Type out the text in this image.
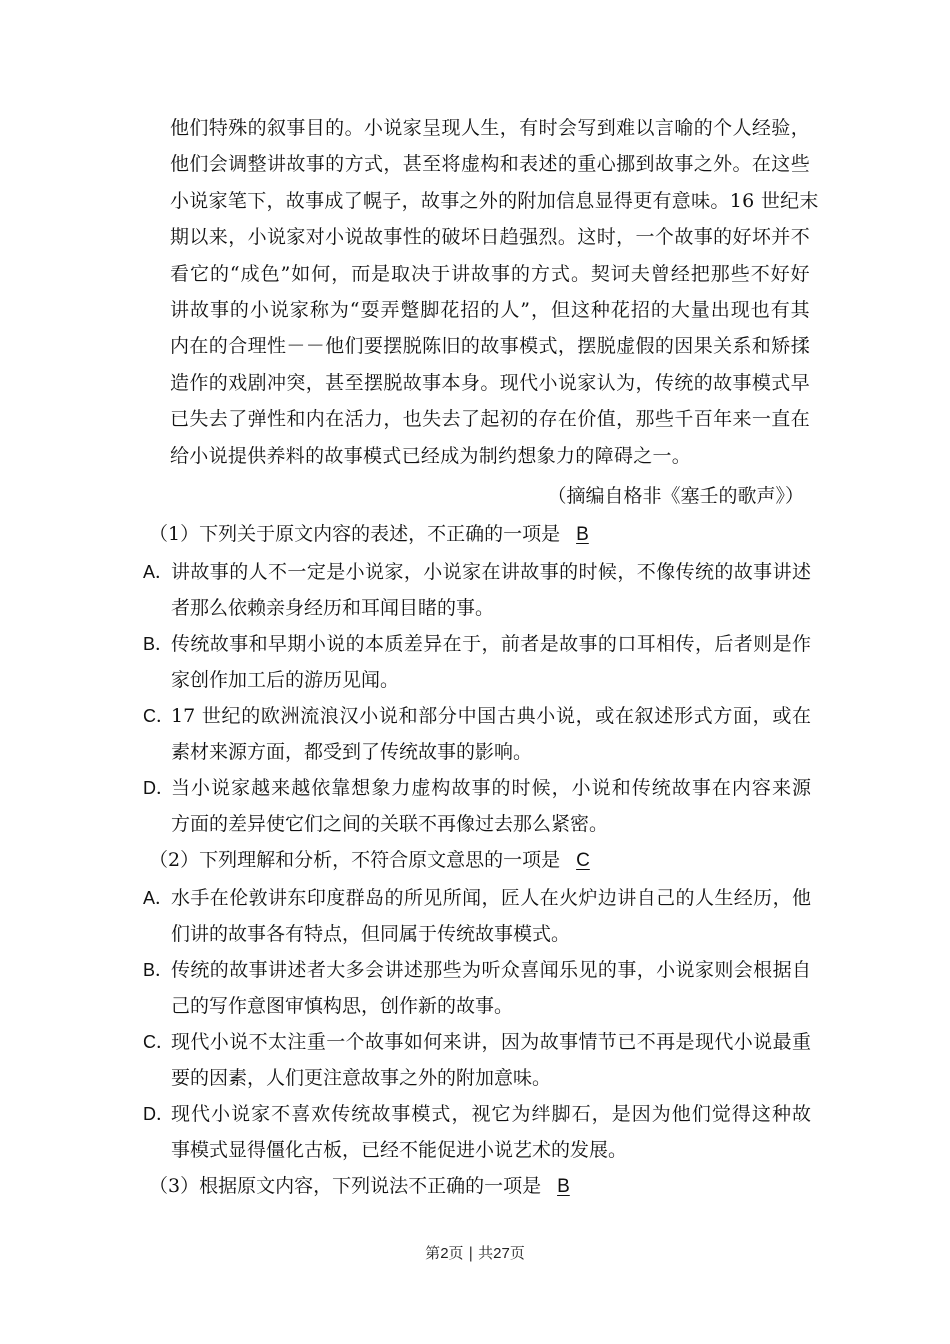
他们特殊的叙事目的。小说家呈现人生，有时会写到难以言喻的个人经验，
他们会调整讲故事的方式，甚至将虚构和表述的重心挪到故事之外。在这些
小说家笔下，故事成了幌子，故事之外的附加信息显得更有意味。16 世纪末
期以来，小说家对小说故事性的破坏日趋强烈。这时，一个故事的好坏并不
看它的“成色”如何，而是取决于讲故事的方式。契诃夫曾经把那些不好好
讲故事的小说家称为“耍弄蹩脚花招的人”，但这种花招的大量出现也有其
内在的合理性－－他们要摆脱陈旧的故事模式，摆脱虚假的因果关系和矫揉
造作的戏剧冲突，甚至摆脱故事本身。现代小说家认为，传统的故事模式早
已失去了弹性和内在活力，也失去了起初的存在价值，那些千百年来一直在
给小说提供养料的故事模式已经成为制约想象力的障碍之一。
（摘编自格非《塞壬的歌声》）
（1）下列关于原文内容的表述，不正确的一项是 B
A．
讲故事的人不一定是小说家，小说家在讲故事的时候，不像传统的故事讲述
者那么依赖亲身经历和耳闻目睹的事。
B．
传统故事和早期小说的本质差异在于，前者是故事的口耳相传，后者则是作
家创作加工后的游历见闻。
C．
17 世纪的欧洲流浪汉小说和部分中国古典小说，或在叙述形式方面，或在
素材来源方面，都受到了传统故事的影响。
D．
当小说家越来越依靠想象力虚构故事的时候，小说和传统故事在内容来源
方面的差异使它们之间的关联不再像过去那么紧密。
（2）下列理解和分析，不符合原文意思的一项是 C
A．
水手在伦敦讲东印度群岛的所见所闻，匠人在火炉边讲自己的人生经历，他
们讲的故事各有特点，但同属于传统故事模式。
B．
传统的故事讲述者大多会讲述那些为听众喜闻乐见的事，小说家则会根据自
己的写作意图审慎构思，创作新的故事。
C．
现代小说不太注重一个故事如何来讲，因为故事情节已不再是现代小说最重
要的因素，人们更注意故事之外的附加意味。
D．
现代小说家不喜欢传统故事模式，视它为绊脚石，是因为他们觉得这种故
事模式显得僵化古板，已经不能促进小说艺术的发展。
（3）根据原文内容，下列说法不正确的一项是 B
第2页 | 共27页
